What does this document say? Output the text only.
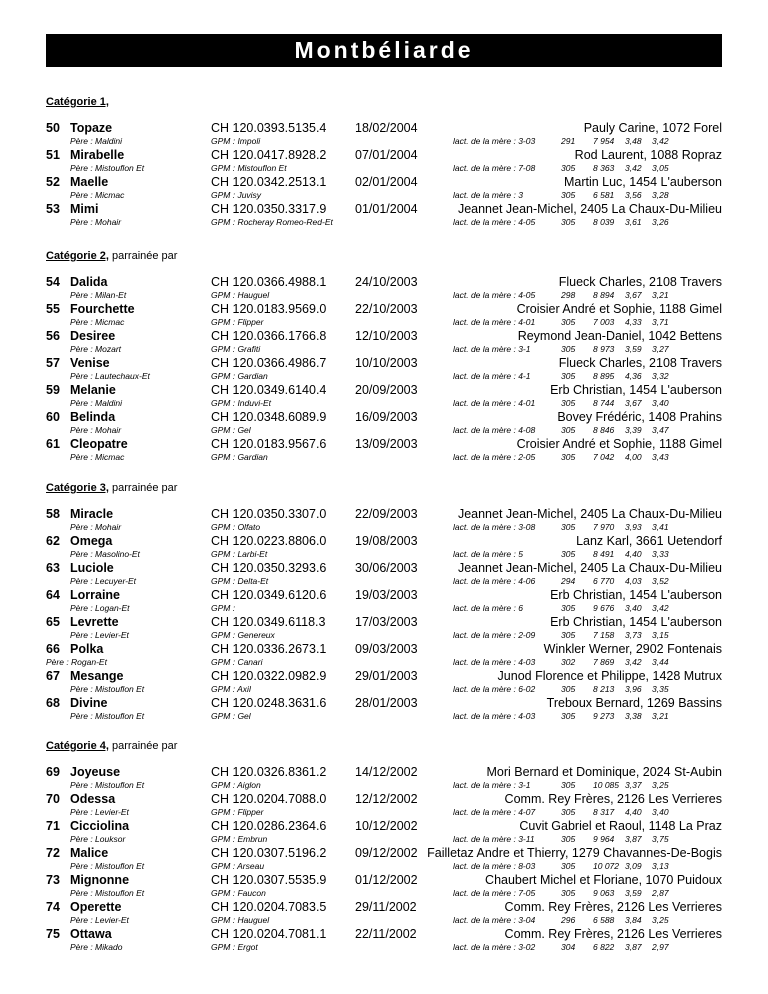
Montbéliarde
Catégorie 1,
50 Topaze	CH 120.0393.5135.4 18/02/2004	Pauly Carine, 1072 Forel
Père : Maldini	GPM : Impoli	lact. de la mère : 3-03	291 7 954 3,48 3,42
51 Mirabelle	CH 120.0417.8928.2 07/01/2004	Rod Laurent, 1088 Ropraz
Père : Mistouflon Et	GPM : Mistouflon Et	lact. de la mère : 7-08	305 8 363 3,42 3,05
52 Maelle	CH 120.0342.2513.1 02/01/2004	Martin Luc, 1454 L'auberson
Père : Micmac	GPM : Juvisy	lact. de la mère : 3	305 6 581 3,56 3,28
53 Mimi	CH 120.0350.3317.9 01/01/2004	Jeannet Jean-Michel, 2405 La Chaux-Du-Milieu
Père : Mohair	GPM : Rocheray Romeo-Red-Et	lact. de la mère : 4-05	305 8 039 3,61 3,26
Catégorie 2, parrainée par
54 Dalida	CH 120.0366.4988.1 24/10/2003	Flueck Charles, 2108 Travers
Père : Milan-Et	GPM : Hauguel	lact. de la mère : 4-05	298 8 894 3,67 3,21
55 Fourchette	CH 120.0183.9569.0 22/10/2003	Croisier André et Sophie, 1188 Gimel
Père : Micmac	GPM : Flipper	lact. de la mère : 4-01	305 7 003 4,33 3,71
56 Desiree	CH 120.0366.1766.8 12/10/2003	Reymond Jean-Daniel, 1042 Bettens
Père : Mozart	GPM : Grafiti	lact. de la mère : 3-1	305 8 973 3,59 3,27
57 Venise	CH 120.0366.4986.7 10/10/2003	Flueck Charles, 2108 Travers
Père : Lautechaux-Et	GPM : Gardian	lact. de la mère : 4-1	305 8 895 4,36 3,32
59 Melanie	CH 120.0349.6140.4 20/09/2003	Erb Christian, 1454 L'auberson
Père : Maldini	GPM : Induvi-Et	lact. de la mère : 4-01	305 8 744 3,67 3,40
60 Belinda	CH 120.0348.6089.9 16/09/2003	Bovey Frédéric, 1408 Prahins
Père : Mohair	GPM : Gel	lact. de la mère : 4-08	305 8 846 3,39 3,47
61 Cleopatre	CH 120.0183.9567.6 13/09/2003	Croisier André et Sophie, 1188 Gimel
Père : Micmac	GPM : Gardian	lact. de la mère : 2-05	305 7 042 4,00 3,43
Catégorie 3, parrainée par
58 Miracle	CH 120.0350.3307.0 22/09/2003	Jeannet Jean-Michel, 2405 La Chaux-Du-Milieu
Père : Mohair	GPM : Olfato	lact. de la mère : 3-08	305 7 970 3,93 3,41
62 Omega	CH 120.0223.8806.0 19/08/2003	Lanz Karl, 3661 Uetendorf
Père : Masolino-Et	GPM : Larbi-Et	lact. de la mère : 5	305 8 491 4,40 3,33
63 Luciole	CH 120.0350.3293.6 30/06/2003	Jeannet Jean-Michel, 2405 La Chaux-Du-Milieu
Père : Lecuyer-Et	GPM : Delta-Et	lact. de la mère : 4-06	294 6 770 4,03 3,52
64 Lorraine	CH 120.0349.6120.6 19/03/2003	Erb Christian, 1454 L'auberson
Père : Logan-Et	GPM :	lact. de la mère : 6	305 9 676 3,40 3,42
65 Levrette	CH 120.0349.6118.3 17/03/2003	Erb Christian, 1454 L'auberson
Père : Levier-Et	GPM : Genereux	lact. de la mère : 2-09	305 7 158 3,73 3,15
66 Polka	CH 120.0336.2673.1 09/03/2003	Winkler Werner, 2902 Fontenais
Père : Rogan-Et	GPM : Canari	lact. de la mère : 4-03	302 7 869 3,42 3,44
67 Mesange	CH 120.0322.0982.9 29/01/2003	Junod Florence et Philippe, 1428 Mutrux
Père : Mistouflon Et	GPM : Axil	lact. de la mère : 6-02	305 8 213 3,96 3,35
68 Divine	CH 120.0248.3631.6 28/01/2003	Treboux Bernard, 1269 Bassins
Père : Mistouflon Et	GPM : Gel	lact. de la mère : 4-03	305 9 273 3,38 3,21
Catégorie 4, parrainée par
69 Joyeuse	CH 120.0326.8361.2 14/12/2002	Mori Bernard et Dominique, 2024 St-Aubin
Père : Mistouflon Et	GPM : Aiglon	lact. de la mère : 3-1	305 10 085 3,37 3,25
70 Odessa	CH 120.0204.7088.0 12/12/2002	Comm. Rey Frères, 2126 Les Verrieres
Père : Levier-Et	GPM : Flipper	lact. de la mère : 4-07	305 8 317 4,40 3,40
71 Cicciolina	CH 120.0286.2364.6 10/12/2002	Cuvit Gabriel et Raoul, 1148 La Praz
Père : Louksor	GPM : Embrun	lact. de la mère : 3-11	305 9 964 3,87 3,75
72 Malice	CH 120.0307.5196.2 09/12/2002 Failletaz Andre et Thierry, 1279 Chavannes-De-Bogis
Père : Mistouflon Et	GPM : Arseau	lact. de la mère : 8-03	305 10 072 3,09 3,13
73 Mignonne	CH 120.0307.5535.9 01/12/2002	Chaubert Michel et Floriane, 1070 Puidoux
Père : Mistouflon Et	GPM : Faucon	lact. de la mère : 7-05	305 9 063 3,59 2,87
74 Operette	CH 120.0204.7083.5 29/11/2002	Comm. Rey Frères, 2126 Les Verrieres
Père : Levier-Et	GPM : Hauguel	lact. de la mère : 3-04	296 6 588 3,84 3,25
75 Ottawa	CH 120.0204.7081.1 22/11/2002	Comm. Rey Frères, 2126 Les Verrieres
Père : Mikado	GPM : Ergot	lact. de la mère : 3-02	304 6 822 3,87 2,97
